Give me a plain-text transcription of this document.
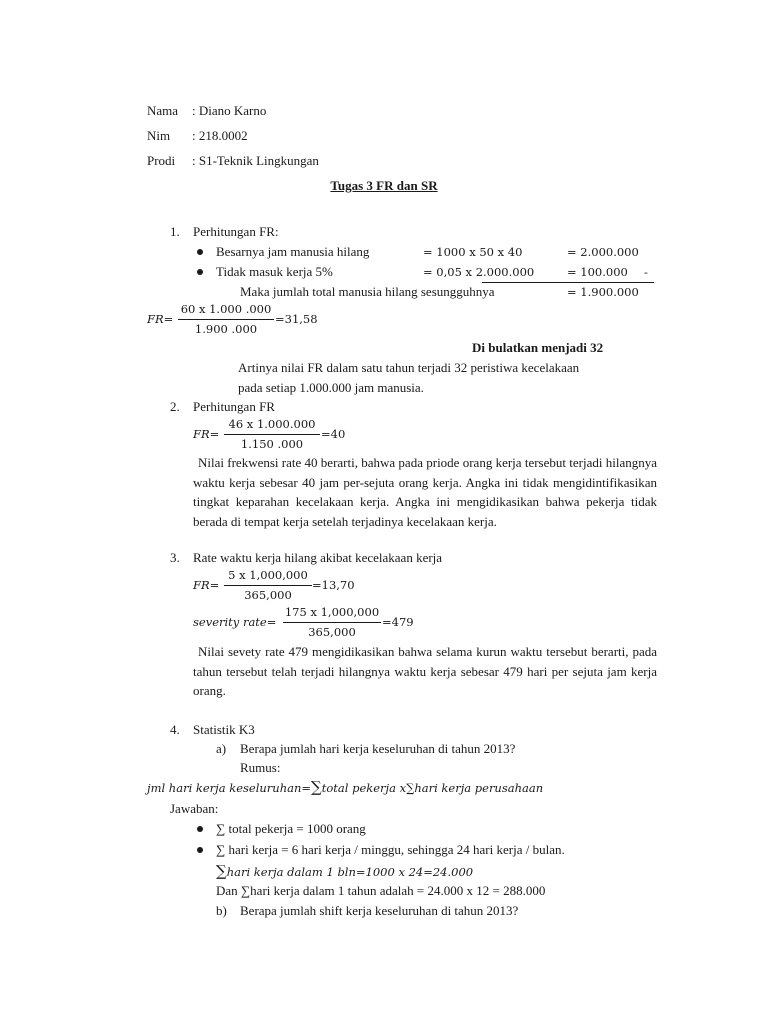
Nama : Diano Karno
Nim : 218.0002
Prodi : S1-Teknik Lingkungan
Tugas 3 FR dan SR
1. Perhitungan FR:
Besarnya jam manusia hilang	= 1000 x 50 x 40	= 2.000.000
Tidak masuk kerja 5%	= 0,05 x 2.000.000	= 100.000 -
Maka jumlah total manusia hilang sesungguhnya	= 1.900.000
FR=
60 x 1.000 .000
1.900 .000
=31,58
Di bulatkan menjadi 32
Artinya nilai FR dalam satu tahun terjadi 32 peristiwa kecelakaan
pada setiap 1.000.000 jam manusia.
2. Perhitungan FR
FR=
46 x 1.000.000
1.150 .000
=40
Nilai frekwensi rate 40 berarti, bahwa pada priode orang kerja tersebut terjadi hilangnya waktu kerja sebesar 40 jam per-sejuta orang kerja. Angka ini tidak mengidintifikasikan tingkat keparahan kecelakaan kerja. Angka ini mengidikasikan bahwa pekerja tidak berada di tempat kerja setelah terjadinya kecelakaan kerja.
3. Rate waktu kerja hilang akibat kecelakaan kerja
FR=
5 x 1,000,000
365,000
=13,70
severity rate=
175 x 1,000,000
365,000
=479
Nilai sevety rate 479 mengidikasikan bahwa selama kurun waktu tersebut berarti, pada tahun tersebut telah terjadi hilangnya waktu kerja sebesar 479 hari per sejuta jam kerja orang.
4. Statistik K3
a) Berapa jumlah hari kerja keseluruhan di tahun 2013?
Rumus:
jml hari kerja keseluruhan=∑total pekerja x∑hari kerja perusahaan
Jawaban:
∑ total pekerja = 1000 orang
∑ hari kerja = 6 hari kerja / minggu, sehingga 24 hari kerja / bulan.
∑hari kerja dalam 1 bln=1000 x 24=24.000
Dan ∑hari kerja dalam 1 tahun adalah = 24.000 x 12 = 288.000
b) Berapa jumlah shift kerja keseluruhan di tahun 2013?
